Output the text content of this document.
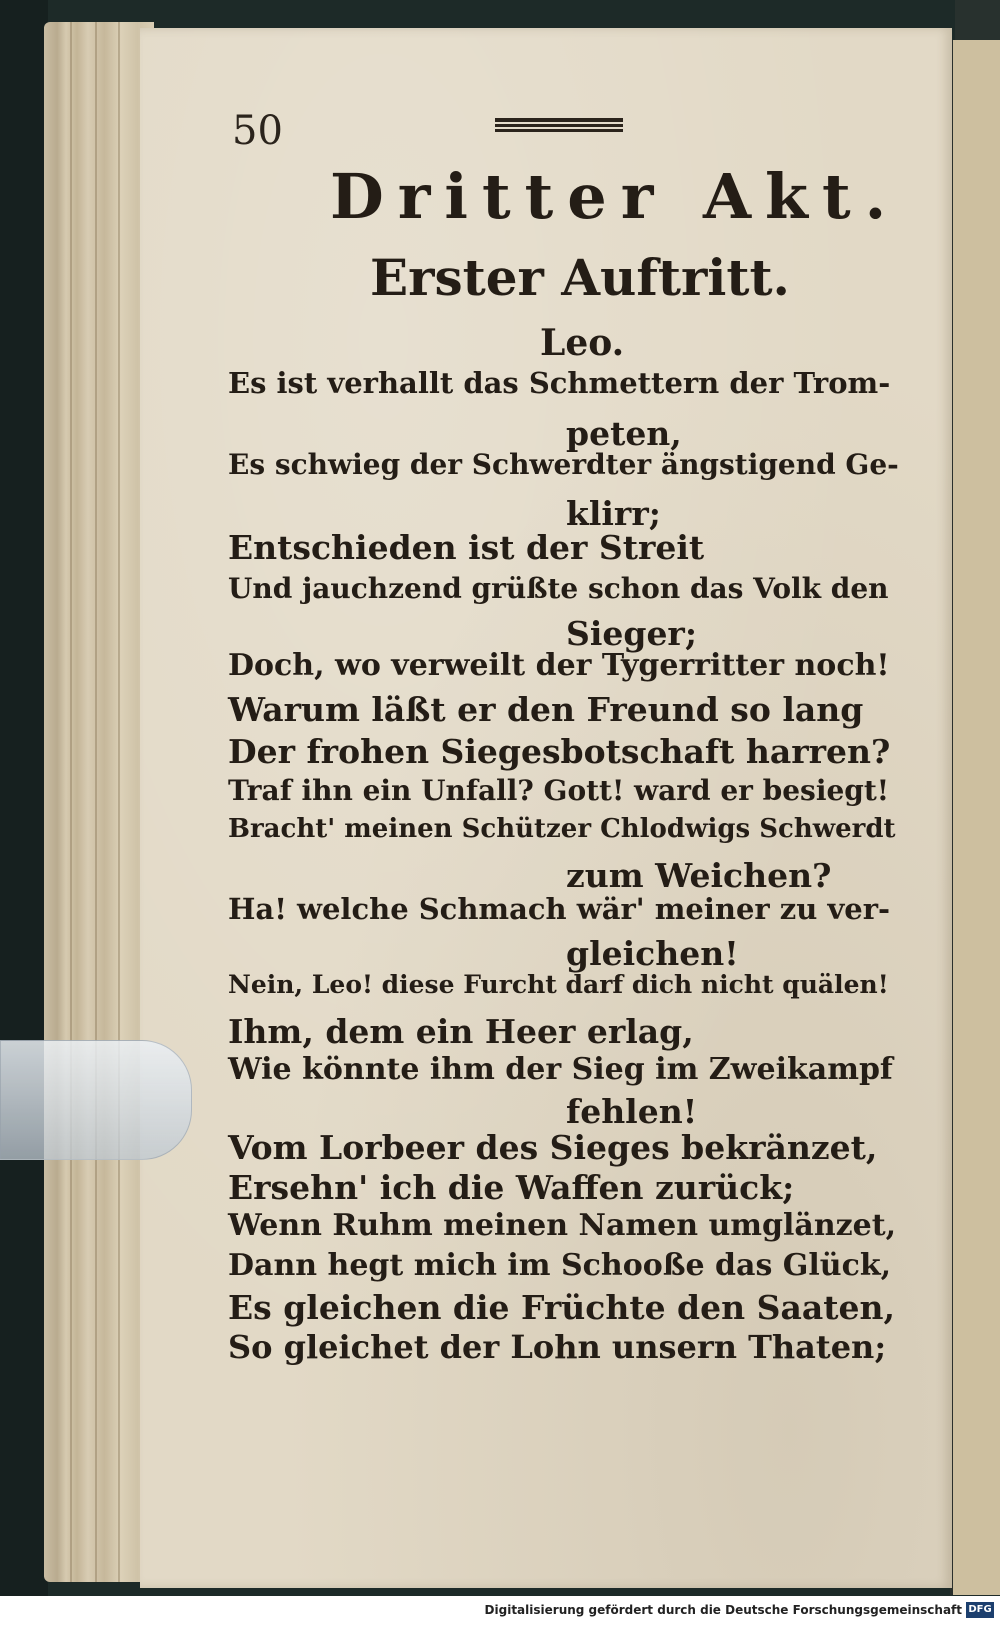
50
Dritter Akt.
Erster Auftritt.
Leo.
Es ist verhallt das Schmettern der Trom-
peten,
Es schwieg der Schwerdter ängstigend Ge-
klirr;
Entschieden ist der Streit
Und jauchzend grüßte schon das Volk den
Sieger;
Doch, wo verweilt der Tygerritter noch!
Warum läßt er den Freund so lang
Der frohen Siegesbotschaft harren?
Traf ihn ein Unfall? Gott! ward er besiegt!
Bracht' meinen Schützer Chlodwigs Schwerdt
zum Weichen?
Ha! welche Schmach wär' meiner zu ver-
gleichen!
Nein, Leo! diese Furcht darf dich nicht quälen!
Ihm, dem ein Heer erlag,
Wie könnte ihm der Sieg im Zweikampf
fehlen!
Vom Lorbeer des Sieges bekränzet,
Ersehn' ich die Waffen zurück;
Wenn Ruhm meinen Namen umglänzet,
Dann hegt mich im Schooße das Glück,
Es gleichen die Früchte den Saaten,
So gleichet der Lohn unsern Thaten;
Digitalisierung gefördert durch die Deutsche Forschungsgemeinschaft DFG
